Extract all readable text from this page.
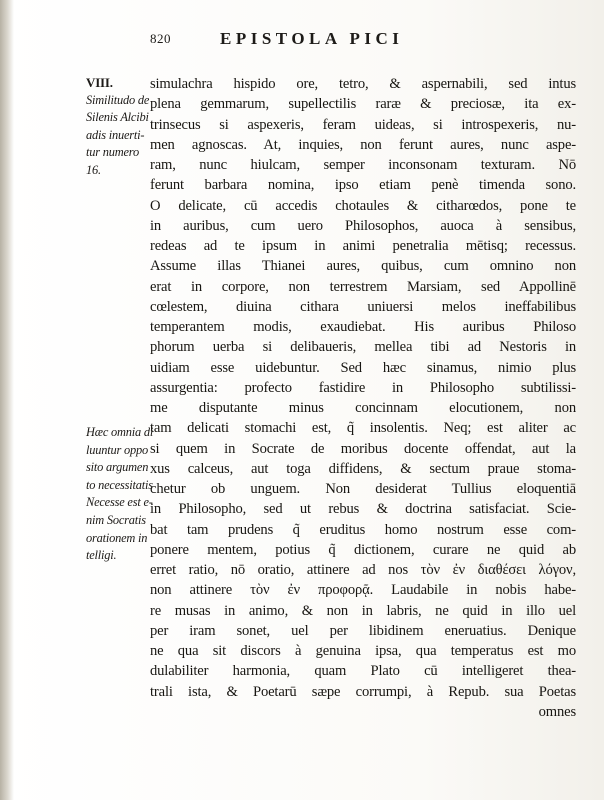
820	EPISTOLA PICI
VIII.
Similitudo de
Silenis Alcibi
adis inuerti-
tur numero
16.
Hæc omnia di
luuntur oppo
sito argumen
to necessitatis
Necesse est e-
nim Socratis
orationem in
telligi.
simulachra hispido ore, tetro, & aspernabili, sed intus
plena gemmarum, supellectilis raræ & preciosæ, ita ex-
trinsecus si aspexeris, feram uideas, si introspexeris, nu-
men agnoscas. At, inquies, non ferunt aures, nunc aspe-
ram, nunc hiulcam, semper inconsonam texturam. Nō
ferunt barbara nomina, ipso etiam penè timenda sono.
O delicate, cū accedis chotaules & citharœdos, pone te
in auribus, cum uero Philosophos, auoca à sensibus,
redeas ad te ipsum in animi penetralia mētisq; recessus.
Assume illas Thianei aures, quibus, cum omnino non
erat in corpore, non terrestrem Marsiam, sed Appollinē
cœlestem, diuina cithara uniuersi melos ineffabilibus
temperantem modis, exaudiebat. His auribus Philoso
phorum uerba si delibaueris, mellea tibi ad Nestoris in
uidiam esse uidebuntur. Sed hæc sinamus, nimio plus
assurgentia: profecto fastidire in Philosopho subtilissi-
me disputante minus concinnam elocutionem, non
tam delicati stomachi est, q̃ insolentis. Neq; est aliter ac
si quem in Socrate de moribus docente offendat, aut la
xus calceus, aut toga diffidens, & sectum praue stoma-
chetur ob unguem. Non desiderat Tullius eloquentiā
in Philosopho, sed ut rebus & doctrina satisfaciat. Scie-
bat tam prudens q̃ eruditus homo nostrum esse com-
ponere mentem, potius q̃ dictionem, curare ne quid ab
erret ratio, nō oratio, attinere ad nos τὸν ἐν διαθέσει λόγον,
non attinere τὸν ἐν προφορᾷ. Laudabile in nobis habe-
re musas in animo, & non in labris, ne quid in illo uel
per iram sonet, uel per libidinem eneruatius. Denique
ne qua sit discors à genuina ipsa, qua temperatus est mo
dulabiliter harmonia, quam Plato cū intelligeret thea-
trali ista, & Poetarū sæpe corrumpi, à Repub. sua Poetas
omnes
